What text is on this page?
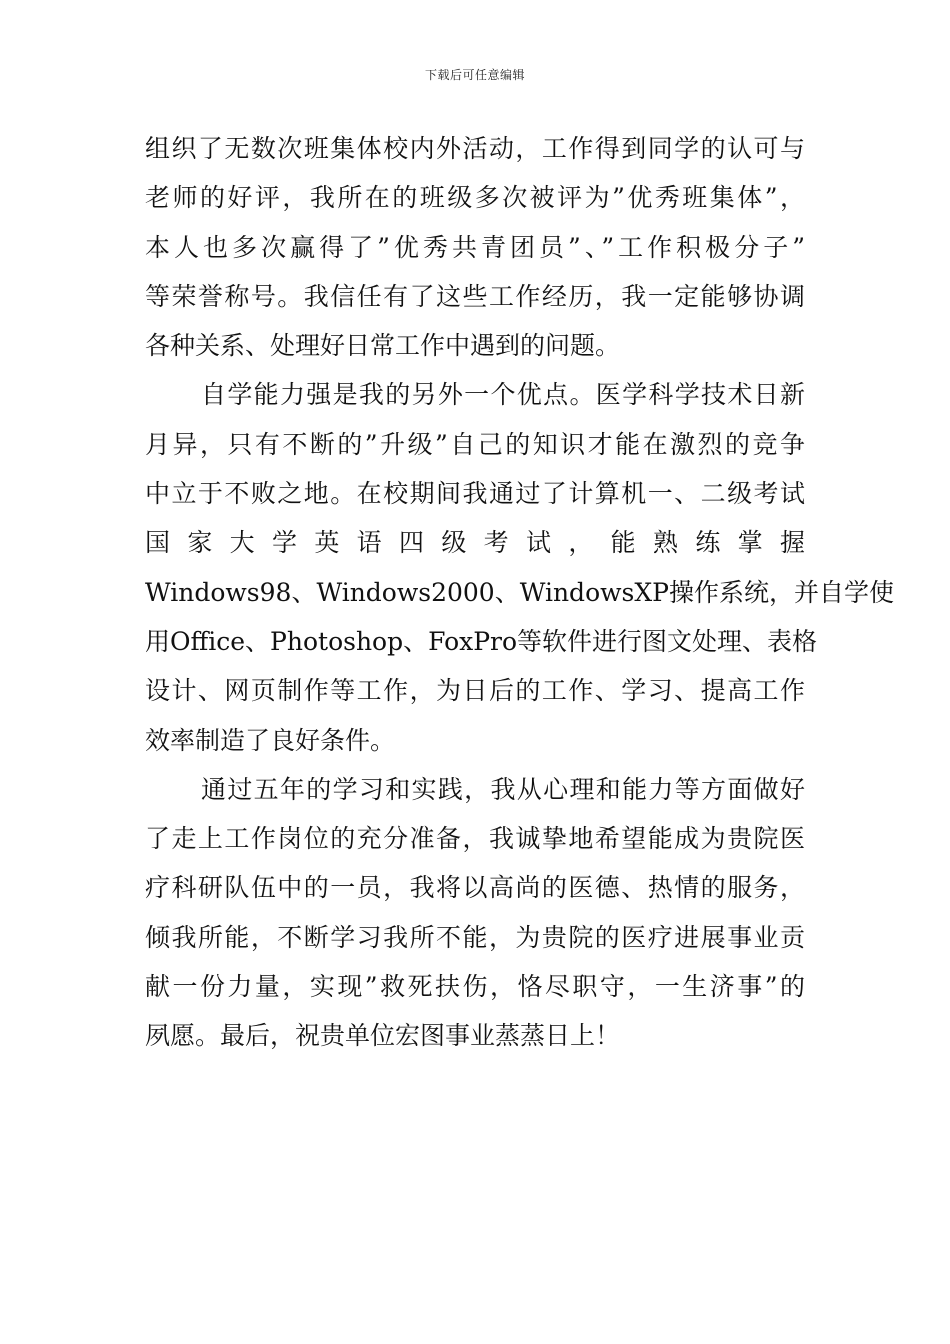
下载后可任意编辑
组织了无数次班集体校内外活动，工作得到同学的认可与
老师的好评，我所在的班级多次被评为”优秀班集体”，
本人也多次赢得了”优秀共青团员”、”工作积极分子”
等荣誉称号。我信任有了这些工作经历，我一定能够协调
各种关系、处理好日常工作中遇到的问题。
自学能力强是我的另外一个优点。医学科学技术日新
月异，只有不断的”升级”自己的知识才能在激烈的竞争
中立于不败之地。在校期间我通过了计算机一、二级考试
国 家 大 学 英 语 四 级 考 试 ， 能 熟 练 掌 握
Windows98、Windows2000、WindowsXP操作系统，并自学使
用Office、Photoshop、FoxPro等软件进行图文处理、表格
设计、网页制作等工作，为日后的工作、学习、提高工作
效率制造了良好条件。
通过五年的学习和实践，我从心理和能力等方面做好
了走上工作岗位的充分准备，我诚挚地希望能成为贵院医
疗科研队伍中的一员，我将以高尚的医德、热情的服务，
倾我所能，不断学习我所不能，为贵院的医疗进展事业贡
献一份力量，实现”救死扶伤，恪尽职守，一生济事”的
夙愿。最后，祝贵单位宏图事业蒸蒸日上！
